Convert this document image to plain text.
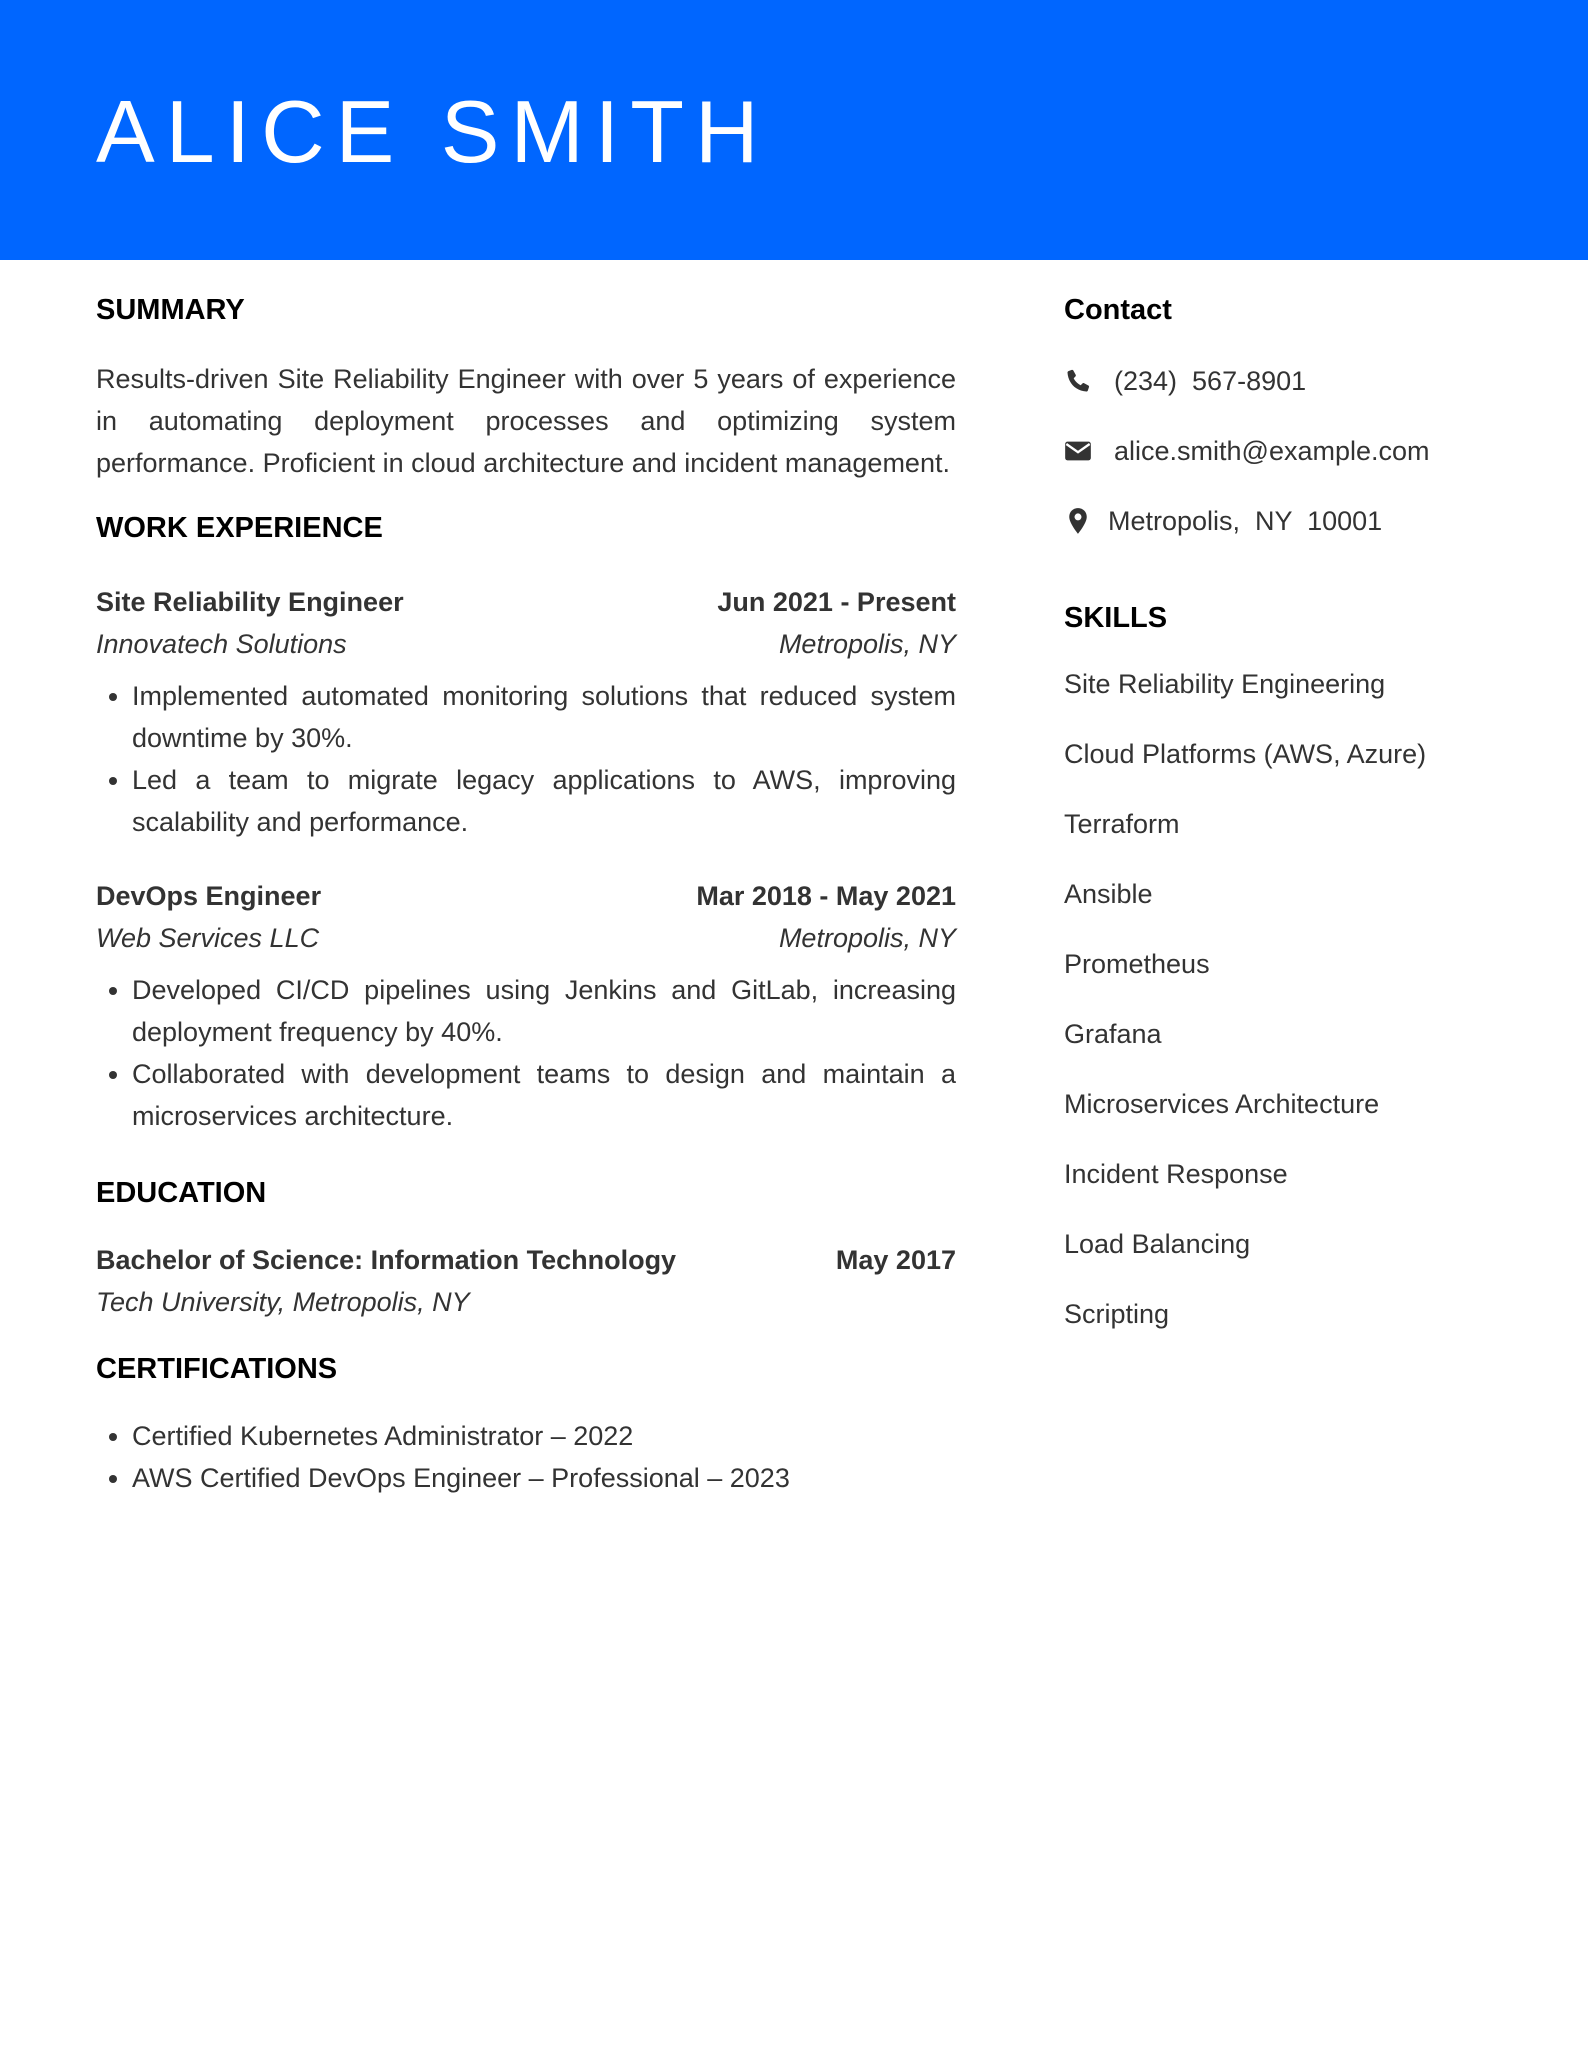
ALICE SMITH
SUMMARY

Results-driven Site Reliability Engineer with over 5 years of experience in automating deployment processes and optimizing system performance. Proficient in cloud architecture and incident management.

WORK EXPERIENCE
Site Reliability Engineer	Jun 2021 - Present
Innovatech Solutions	Metropolis, NY
• Implemented automated monitoring solutions that reduced system downtime by 30%.
• Led a team to migrate legacy applications to AWS, improving scalability and performance.
DevOps Engineer	Mar 2018 - May 2021
Web Services LLC	Metropolis, NY
• Developed CI/CD pipelines using Jenkins and GitLab, increasing deployment frequency by 40%.
• Collaborated with development teams to design and maintain a microservices architecture.
EDUCATION
Bachelor of Science: Information Technology	May 2017
Tech University, Metropolis, NY
CERTIFICATIONS
• Certified Kubernetes Administrator – 2022
• AWS Certified DevOps Engineer – Professional – 2023
Contact
(234)  567-8901
alice.smith@example.com
Metropolis,  NY  10001
SKILLS
Site Reliability Engineering
Cloud Platforms (AWS, Azure)
Terraform
Ansible
Prometheus
Grafana
Microservices Architecture
Incident Response
Load Balancing
Scripting
